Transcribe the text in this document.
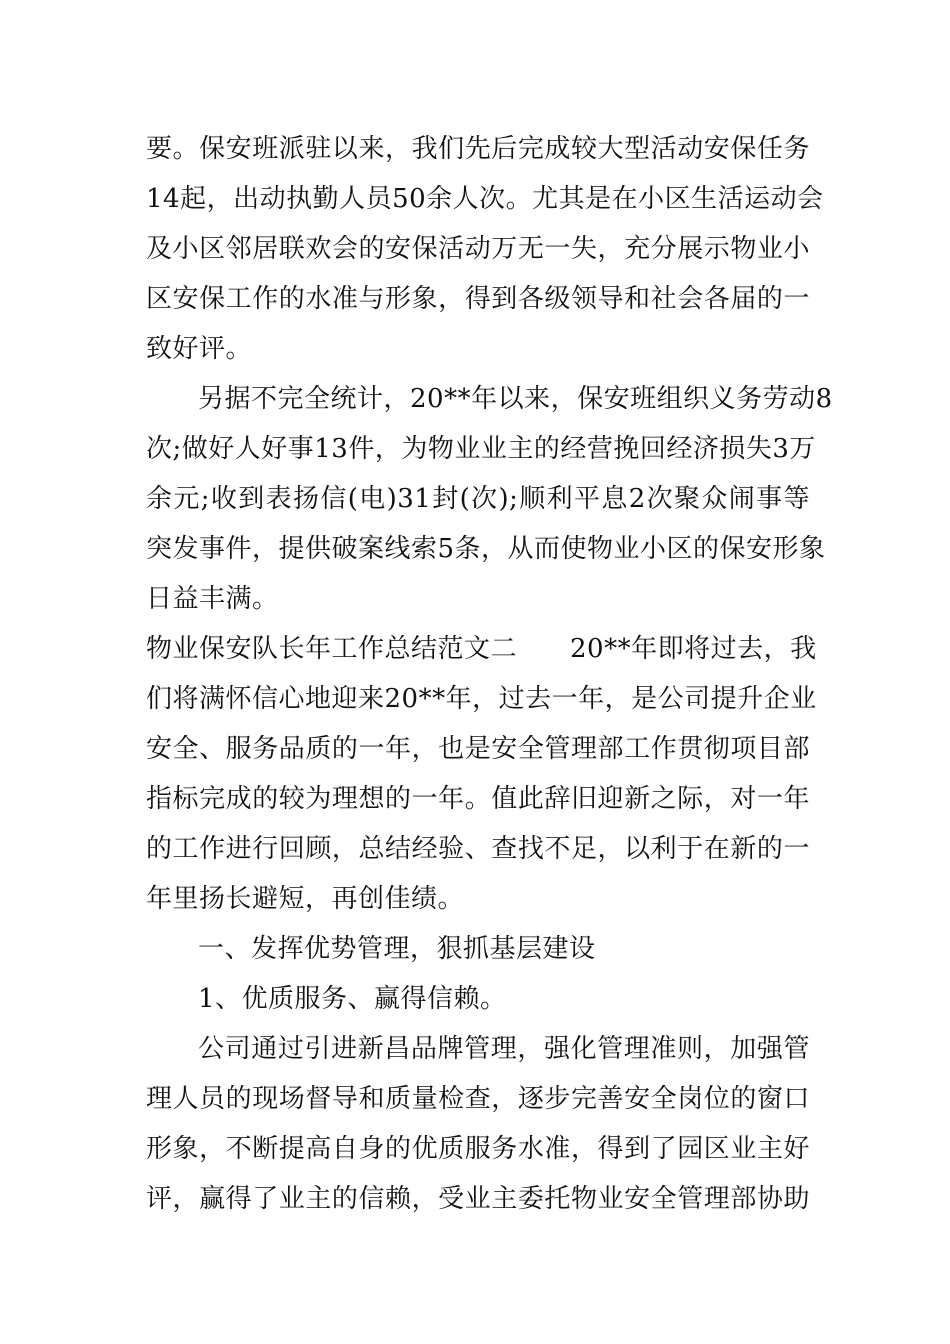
要。保安班派驻以来，我们先后完成较大型活动安保任务
14起，出动执勤人员50余人次。尤其是在小区生活运动会
及小区邻居联欢会的安保活动万无一失，充分展示物业小
区安保工作的水准与形象，得到各级领导和社会各届的一
致好评。
另据不完全统计，20**年以来，保安班组织义务劳动8
次;做好人好事13件，为物业业主的经营挽回经济损失3万
余元;收到表扬信(电)31封(次);顺利平息2次聚众闹事等
突发事件，提供破案线索5条，从而使物业小区的保安形象
日益丰满。
物业保安队长年工作总结范文二　　20**年即将过去，我
们将满怀信心地迎来20**年，过去一年，是公司提升企业
安全、服务品质的一年，也是安全管理部工作贯彻项目部
指标完成的较为理想的一年。值此辞旧迎新之际，对一年
的工作进行回顾，总结经验、查找不足，以利于在新的一
年里扬长避短，再创佳绩。
一、发挥优势管理，狠抓基层建设
1、优质服务、赢得信赖。
公司通过引进新昌品牌管理，强化管理准则，加强管
理人员的现场督导和质量检查，逐步完善安全岗位的窗口
形象，不断提高自身的优质服务水准，得到了园区业主好
评，赢得了业主的信赖，受业主委托物业安全管理部协助
